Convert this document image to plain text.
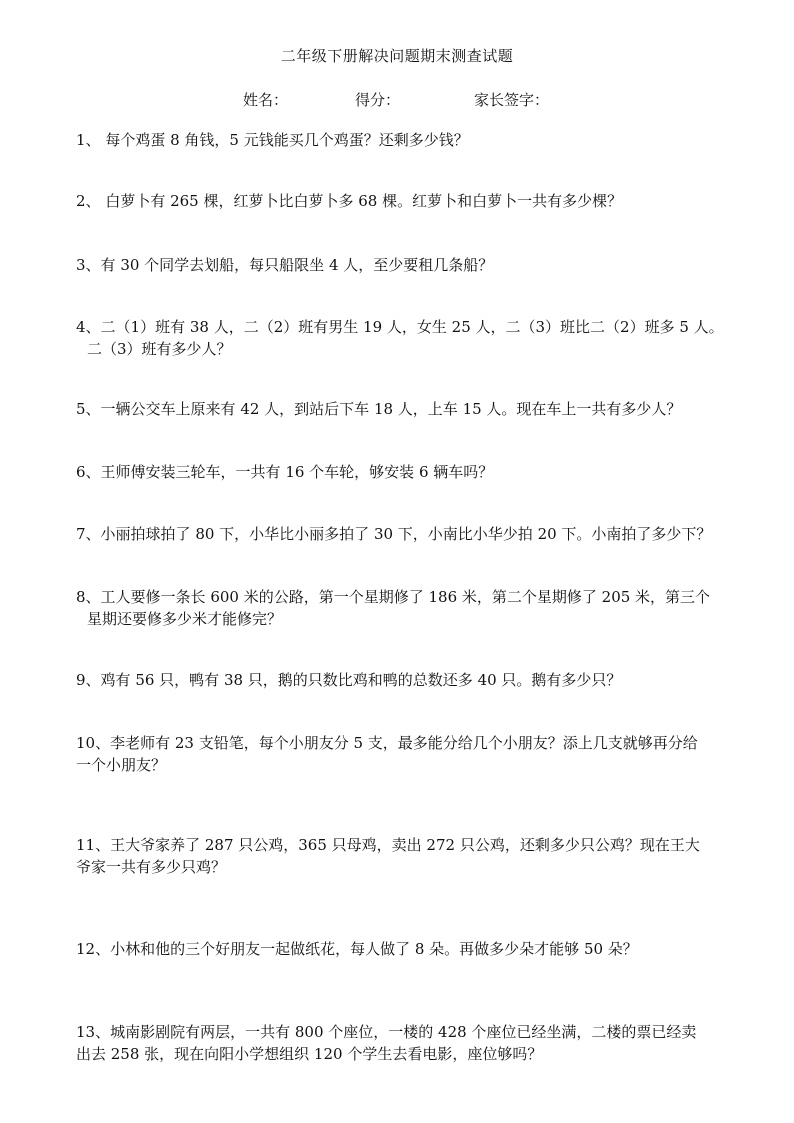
二年级下册解决问题期末测查试题
姓名：	得分：	家长签字：
1、 每个鸡蛋 8 角钱，5 元钱能买几个鸡蛋？还剩多少钱？
2、 白萝卜有 265 棵，红萝卜比白萝卜多 68 棵。红萝卜和白萝卜一共有多少棵？
3、有 30 个同学去划船，每只船限坐 4 人，至少要租几条船？
4、二（1）班有 38 人，二（2）班有男生 19 人，女生 25 人，二（3）班比二（2）班多 5 人。
二（3）班有多少人？
5、一辆公交车上原来有 42 人，到站后下车 18 人，上车 15 人。现在车上一共有多少人？
6、王师傅安装三轮车，一共有 16 个车轮，够安装 6 辆车吗？
7、小丽拍球拍了 80 下，小华比小丽多拍了 30 下，小南比小华少拍 20 下。小南拍了多少下？
8、工人要修一条长 600 米的公路，第一个星期修了 186 米，第二个星期修了 205 米，第三个
星期还要修多少米才能修完？
9、鸡有 56 只，鸭有 38 只，鹅的只数比鸡和鸭的总数还多 40 只。鹅有多少只？
10、李老师有 23 支铅笔，每个小朋友分 5 支，最多能分给几个小朋友？添上几支就够再分给
一个小朋友？
11、王大爷家养了 287 只公鸡，365 只母鸡，卖出 272 只公鸡，还剩多少只公鸡？现在王大
爷家一共有多少只鸡？
12、小林和他的三个好朋友一起做纸花，每人做了 8 朵。再做多少朵才能够 50 朵？
13、城南影剧院有两层，一共有 800 个座位，一楼的 428 个座位已经坐满，二楼的票已经卖
出去 258 张，现在向阳小学想组织 120 个学生去看电影，座位够吗？
